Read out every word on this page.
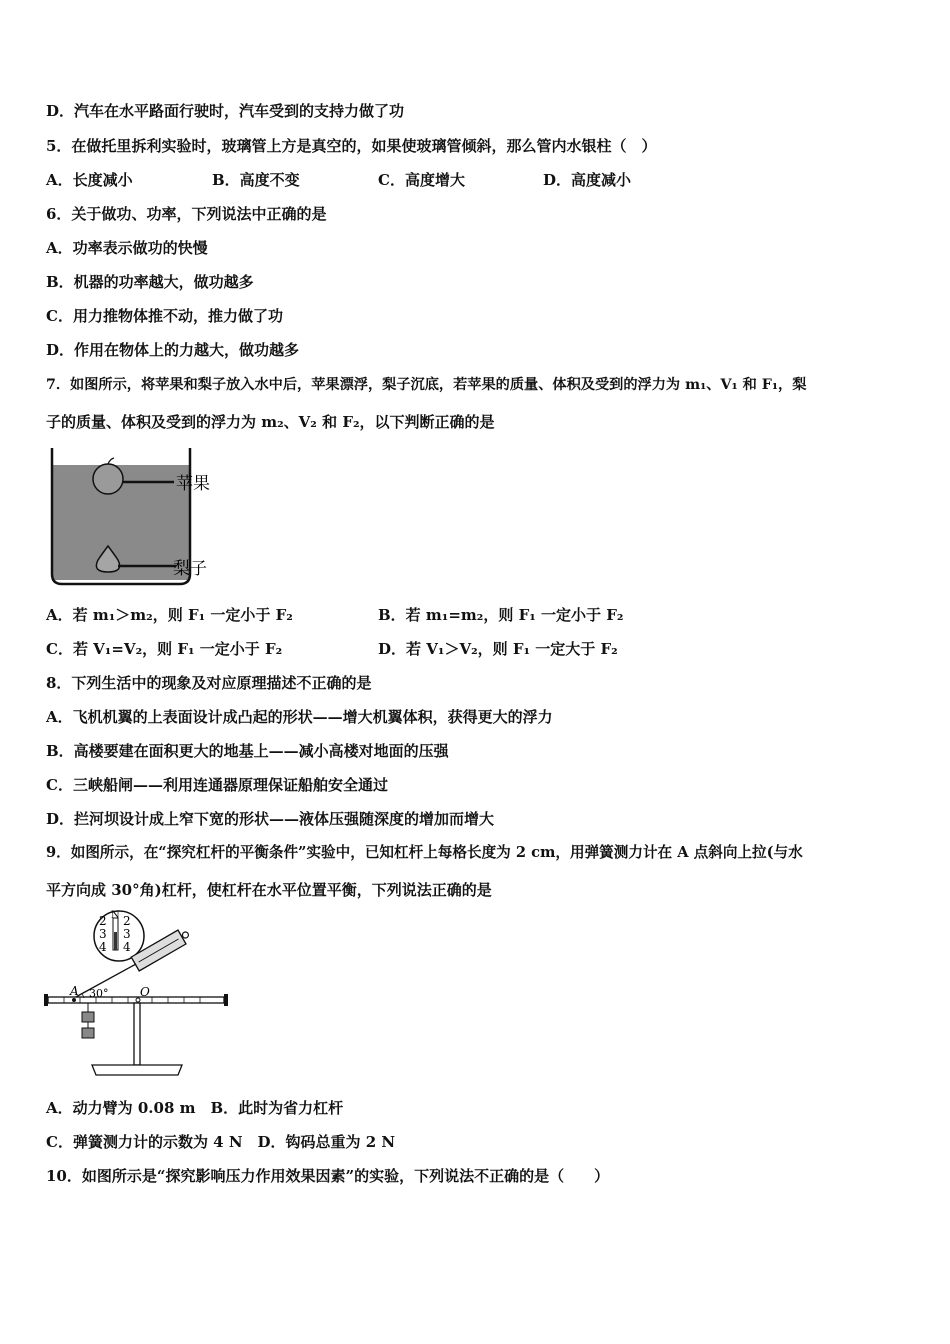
D．汽车在水平路面行驶时，汽车受到的支持力做了功
5．在做托里拆利实验时，玻璃管上方是真空的，如果使玻璃管倾斜，那么管内水银柱（　）
A．长度减小	B．高度不变	C．高度增大	D．高度减小
6．关于做功、功率，下列说法中正确的是
A．功率表示做功的快慢
B．机器的功率越大，做功越多
C．用力推物体推不动，推力做了功
D．作用在物体上的力越大，做功越多
7．如图所示，将苹果和梨子放入水中后，苹果漂浮，梨子沉底，若苹果的质量、体积及受到的浮力为 m₁、V₁ 和 F₁，梨
子的质量、体积及受到的浮力为 m₂、V₂ 和 F₂，以下判断正确的是
苹果
梨子
A．若 m₁＞m₂，则 F₁ 一定小于 F₂	B．若 m₁=m₂，则 F₁ 一定小于 F₂
C．若 V₁=V₂，则 F₁ 一定小于 F₂	D．若 V₁＞V₂，则 F₁ 一定大于 F₂
8．下列生活中的现象及对应原理描述不正确的是
A．飞机机翼的上表面设计成凸起的形状——增大机翼体积，获得更大的浮力
B．高楼要建在面积更大的地基上——减小高楼对地面的压强
C．三峡船闸——利用连通器原理保证船舶安全通过
D．拦河坝设计成上窄下宽的形状——液体压强随深度的增加而增大
9．如图所示，在“探究杠杆的平衡条件”实验中，已知杠杆上每格长度为 2 cm，用弹簧测力计在 A 点斜向上拉(与水
平方向成 30°角)杠杆，使杠杆在水平位置平衡，下列说法正确的是
2
3
4
N 2
3
4
A 30°	O
A．动力臂为 0.08 m　B．此时为省力杠杆
C．弹簧测力计的示数为 4 N　D．钩码总重为 2 N
10．如图所示是“探究影响压力作用效果因素”的实验，下列说法不正确的是（　　）
